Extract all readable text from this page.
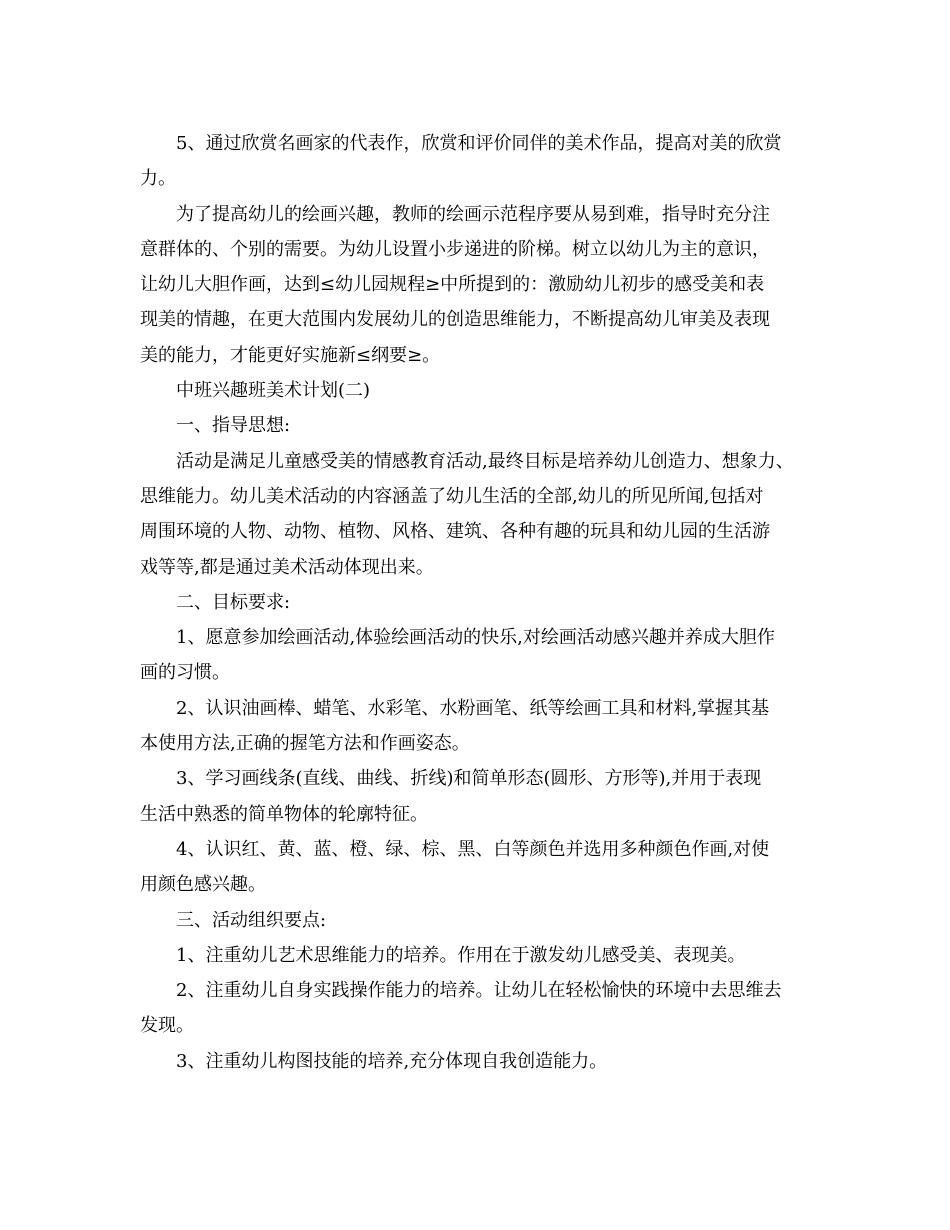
5、通过欣赏名画家的代表作，欣赏和评价同伴的美术作品，提高对美的欣赏
力。
为了提高幼儿的绘画兴趣，教师的绘画示范程序要从易到难，指导时充分注
意群体的、个别的需要。为幼儿设置小步递进的阶梯。树立以幼儿为主的意识，
让幼儿大胆作画，达到≤幼儿园规程≥中所提到的：激励幼儿初步的感受美和表
现美的情趣，在更大范围内发展幼儿的创造思维能力，不断提高幼儿审美及表现
美的能力，才能更好实施新≤纲要≥。
中班兴趣班美术计划(二)
一、指导思想:
活动是满足儿童感受美的情感教育活动,最终目标是培养幼儿创造力、想象力、
思维能力。幼儿美术活动的内容涵盖了幼儿生活的全部,幼儿的所见所闻,包括对
周围环境的人物、动物、植物、风格、建筑、各种有趣的玩具和幼儿园的生活游
戏等等,都是通过美术活动体现出来。
二、目标要求:
1、愿意参加绘画活动,体验绘画活动的快乐,对绘画活动感兴趣并养成大胆作
画的习惯。
2、认识油画棒、蜡笔、水彩笔、水粉画笔、纸等绘画工具和材料,掌握其基
本使用方法,正确的握笔方法和作画姿态。
3、学习画线条(直线、曲线、折线)和简单形态(圆形、方形等),并用于表现
生活中熟悉的简单物体的轮廓特征。
4、认识红、黄、蓝、橙、绿、棕、黑、白等颜色并选用多种颜色作画,对使
用颜色感兴趣。
三、活动组织要点:
1、注重幼儿艺术思维能力的培养。作用在于激发幼儿感受美、表现美。
2、注重幼儿自身实践操作能力的培养。让幼儿在轻松愉快的环境中去思维去
发现。
3、注重幼儿构图技能的培养,充分体现自我创造能力。
